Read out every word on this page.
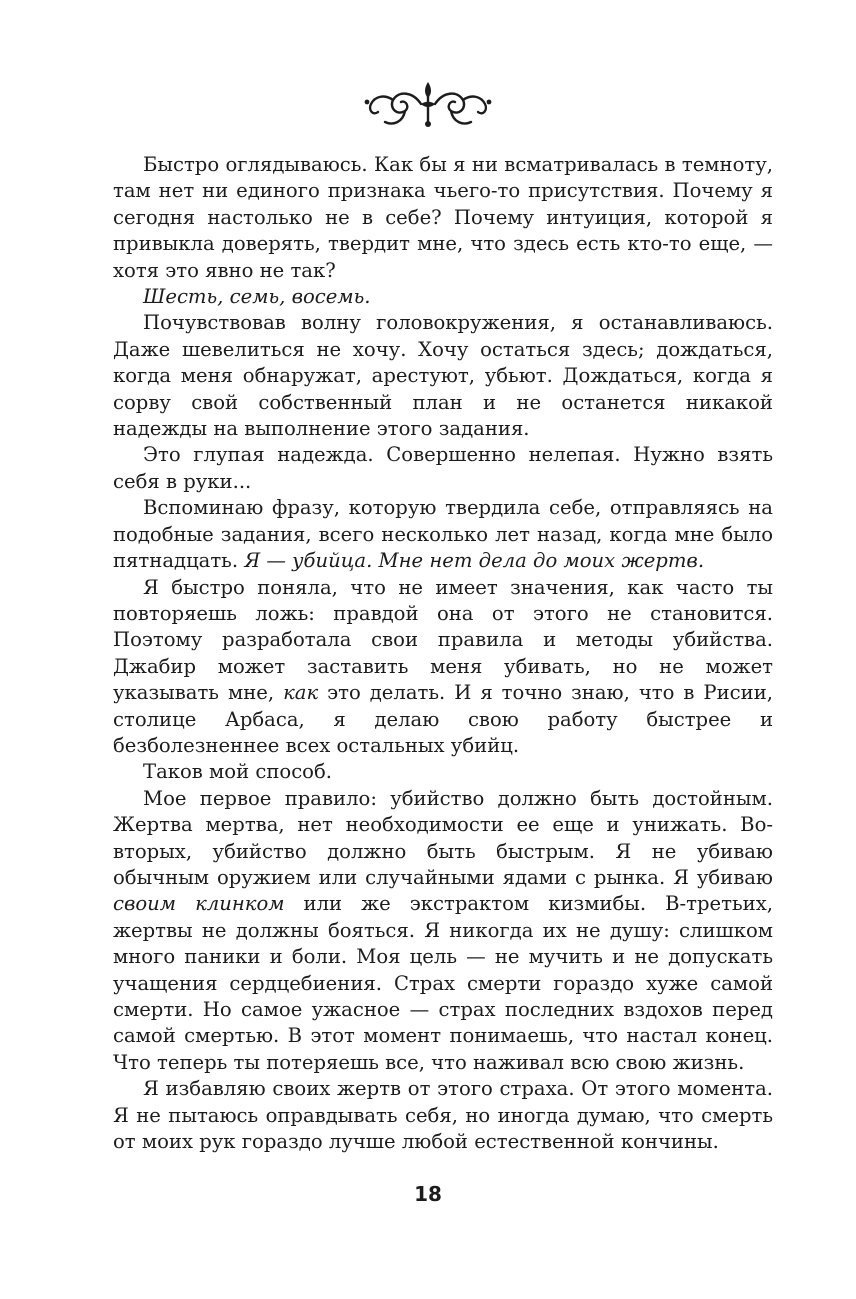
Быстро оглядываюсь. Как бы я ни всматривалась в темноту, там нет ни единого признака чьего-то присутствия. Почему я сегодня настолько не в себе? Почему интуиция, которой я привыкла доверять, твердит мне, что здесь есть кто-то еще, — хотя это явно не так?

Шесть, семь, восемь.

Почувствовав волну головокружения, я останавливаюсь. Даже шевелиться не хочу. Хочу остаться здесь; дождаться, когда меня обнаружат, арестуют, убьют. Дождаться, когда я сорву свой собственный план и не останется никакой надежды на выполнение этого задания.

Это глупая надежда. Совершенно нелепая. Нужно взять себя в руки...

Вспоминаю фразу, которую твердила себе, отправляясь на подобные задания, всего несколько лет назад, когда мне было пятнадцать. Я — убийца. Мне нет дела до моих жертв.

Я быстро поняла, что не имеет значения, как часто ты повторяешь ложь: правдой она от этого не становится. Поэтому разработала свои правила и методы убийства. Джабир может заставить меня убивать, но не может указывать мне, как это делать. И я точно знаю, что в Рисии, столице Арбаса, я делаю свою работу быстрее и безболезненнее всех остальных убийц.

Таков мой способ.

Мое первое правило: убийство должно быть достойным. Жертва мертва, нет необходимости ее еще и унижать. Во-вторых, убийство должно быть быстрым. Я не убиваю обычным оружием или случайными ядами с рынка. Я убиваю своим клинком или же экстрактом кизмибы. В-третьих, жертвы не должны бояться. Я никогда их не душу: слишком много паники и боли. Моя цель — не мучить и не допускать учащения сердцебиения. Страх смерти гораздо хуже самой смерти. Но самое ужасное — страх последних вздохов перед самой смертью. В этот момент понимаешь, что настал конец. Что теперь ты потеряешь все, что наживал всю свою жизнь.

Я избавляю своих жертв от этого страха. От этого момента. Я не пытаюсь оправдывать себя, но иногда думаю, что смерть от моих рук гораздо лучше любой естественной кончины.

18
